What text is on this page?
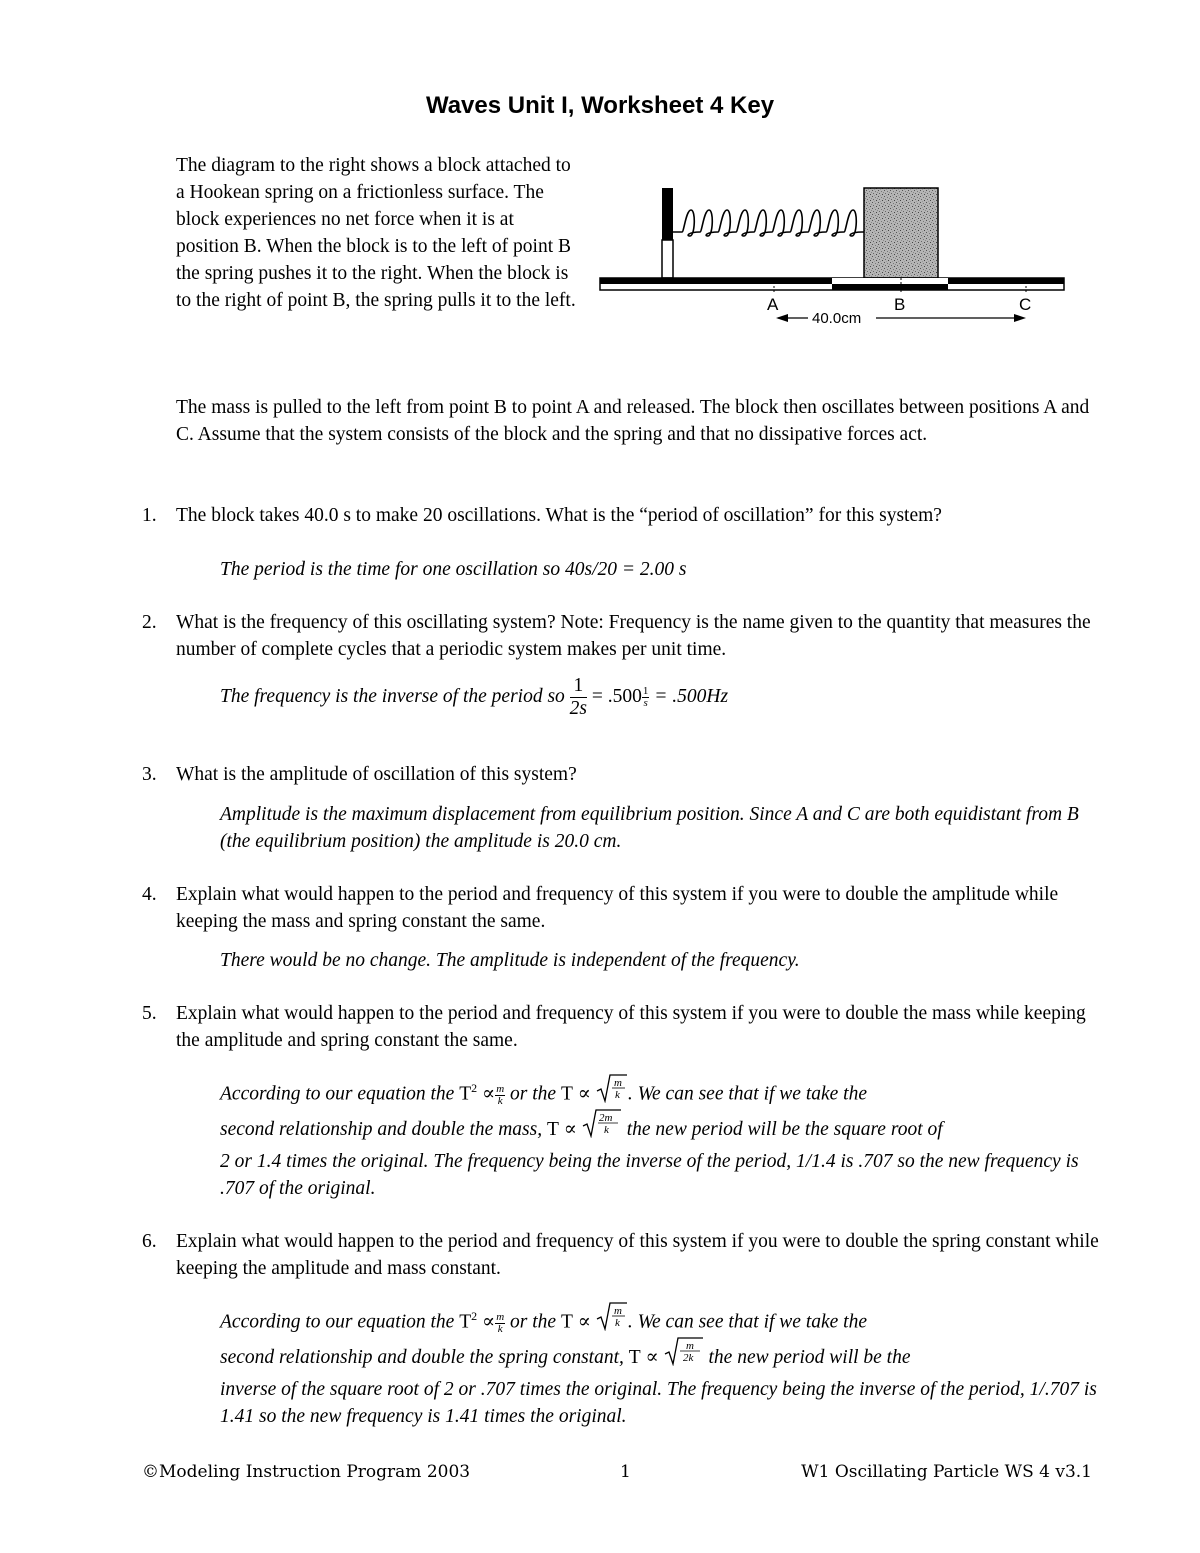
Waves Unit I, Worksheet 4 Key
The diagram to the right shows a block attached to a Hookean spring on a frictionless surface. The block experiences no net force when it is at position B. When the block is to the left of point B the spring pushes it to the right. When the block is to the right of point B, the spring pulls it to the left.	A	B	C
40.0cm
The mass is pulled to the left from point B to point A and released. The block then oscillates between positions A and C. Assume that the system consists of the block and the spring and that no dissipative forces act.
1. The block takes 40.0 s to make 20 oscillations. What is the “period of oscillation” for this system?
The period is the time for one oscillation so 40s/20 = 2.00 s
2. What is the frequency of this oscillating system? Note: Frequency is the name given to the quantity that measures the number of complete cycles that a periodic system makes per unit time.
The frequency is the inverse of the period so $\frac{1}{2s} = .500 \frac{1}{s} = .500Hz$
3. What is the amplitude of oscillation of this system?
Amplitude is the maximum displacement from equilibrium position. Since A and C are both equidistant from B (the equilibrium position) the amplitude is 20.0 cm.
4. Explain what would happen to the period and frequency of this system if you were to double the amplitude while keeping the mass and spring constant the same.
There would be no change. The amplitude is independent of the frequency.
5. Explain what would happen to the period and frequency of this system if you were to double the mass while keeping the amplitude and spring constant the same.
According to our equation the $T^2 \propto \frac{m}{k}$ or the T ∝
m
k . We can see that if we take the
second relationship and double the mass, T ∝
2m
k the new period will be the square root of
2 or 1.4 times the original. The frequency being the inverse of the period, 1/1.4 is .707 so the new frequency is .707 of the original.
6. Explain what would happen to the period and frequency of this system if you were to double the spring constant while keeping the amplitude and mass constant.
According to our equation the $T^2 \propto \frac{m}{k}$ or the T ∝
m
k . We can see that if we take the
second relationship and double the spring constant, T ∝
m
2k the new period will be the
inverse of the square root of 2 or .707 times the original. The frequency being the inverse of the period, 1/.707 is 1.41 so the new frequency is 1.41 times the original.
©Modeling Instruction Program 2003	1	W1 Oscillating Particle WS 4 v3.1
